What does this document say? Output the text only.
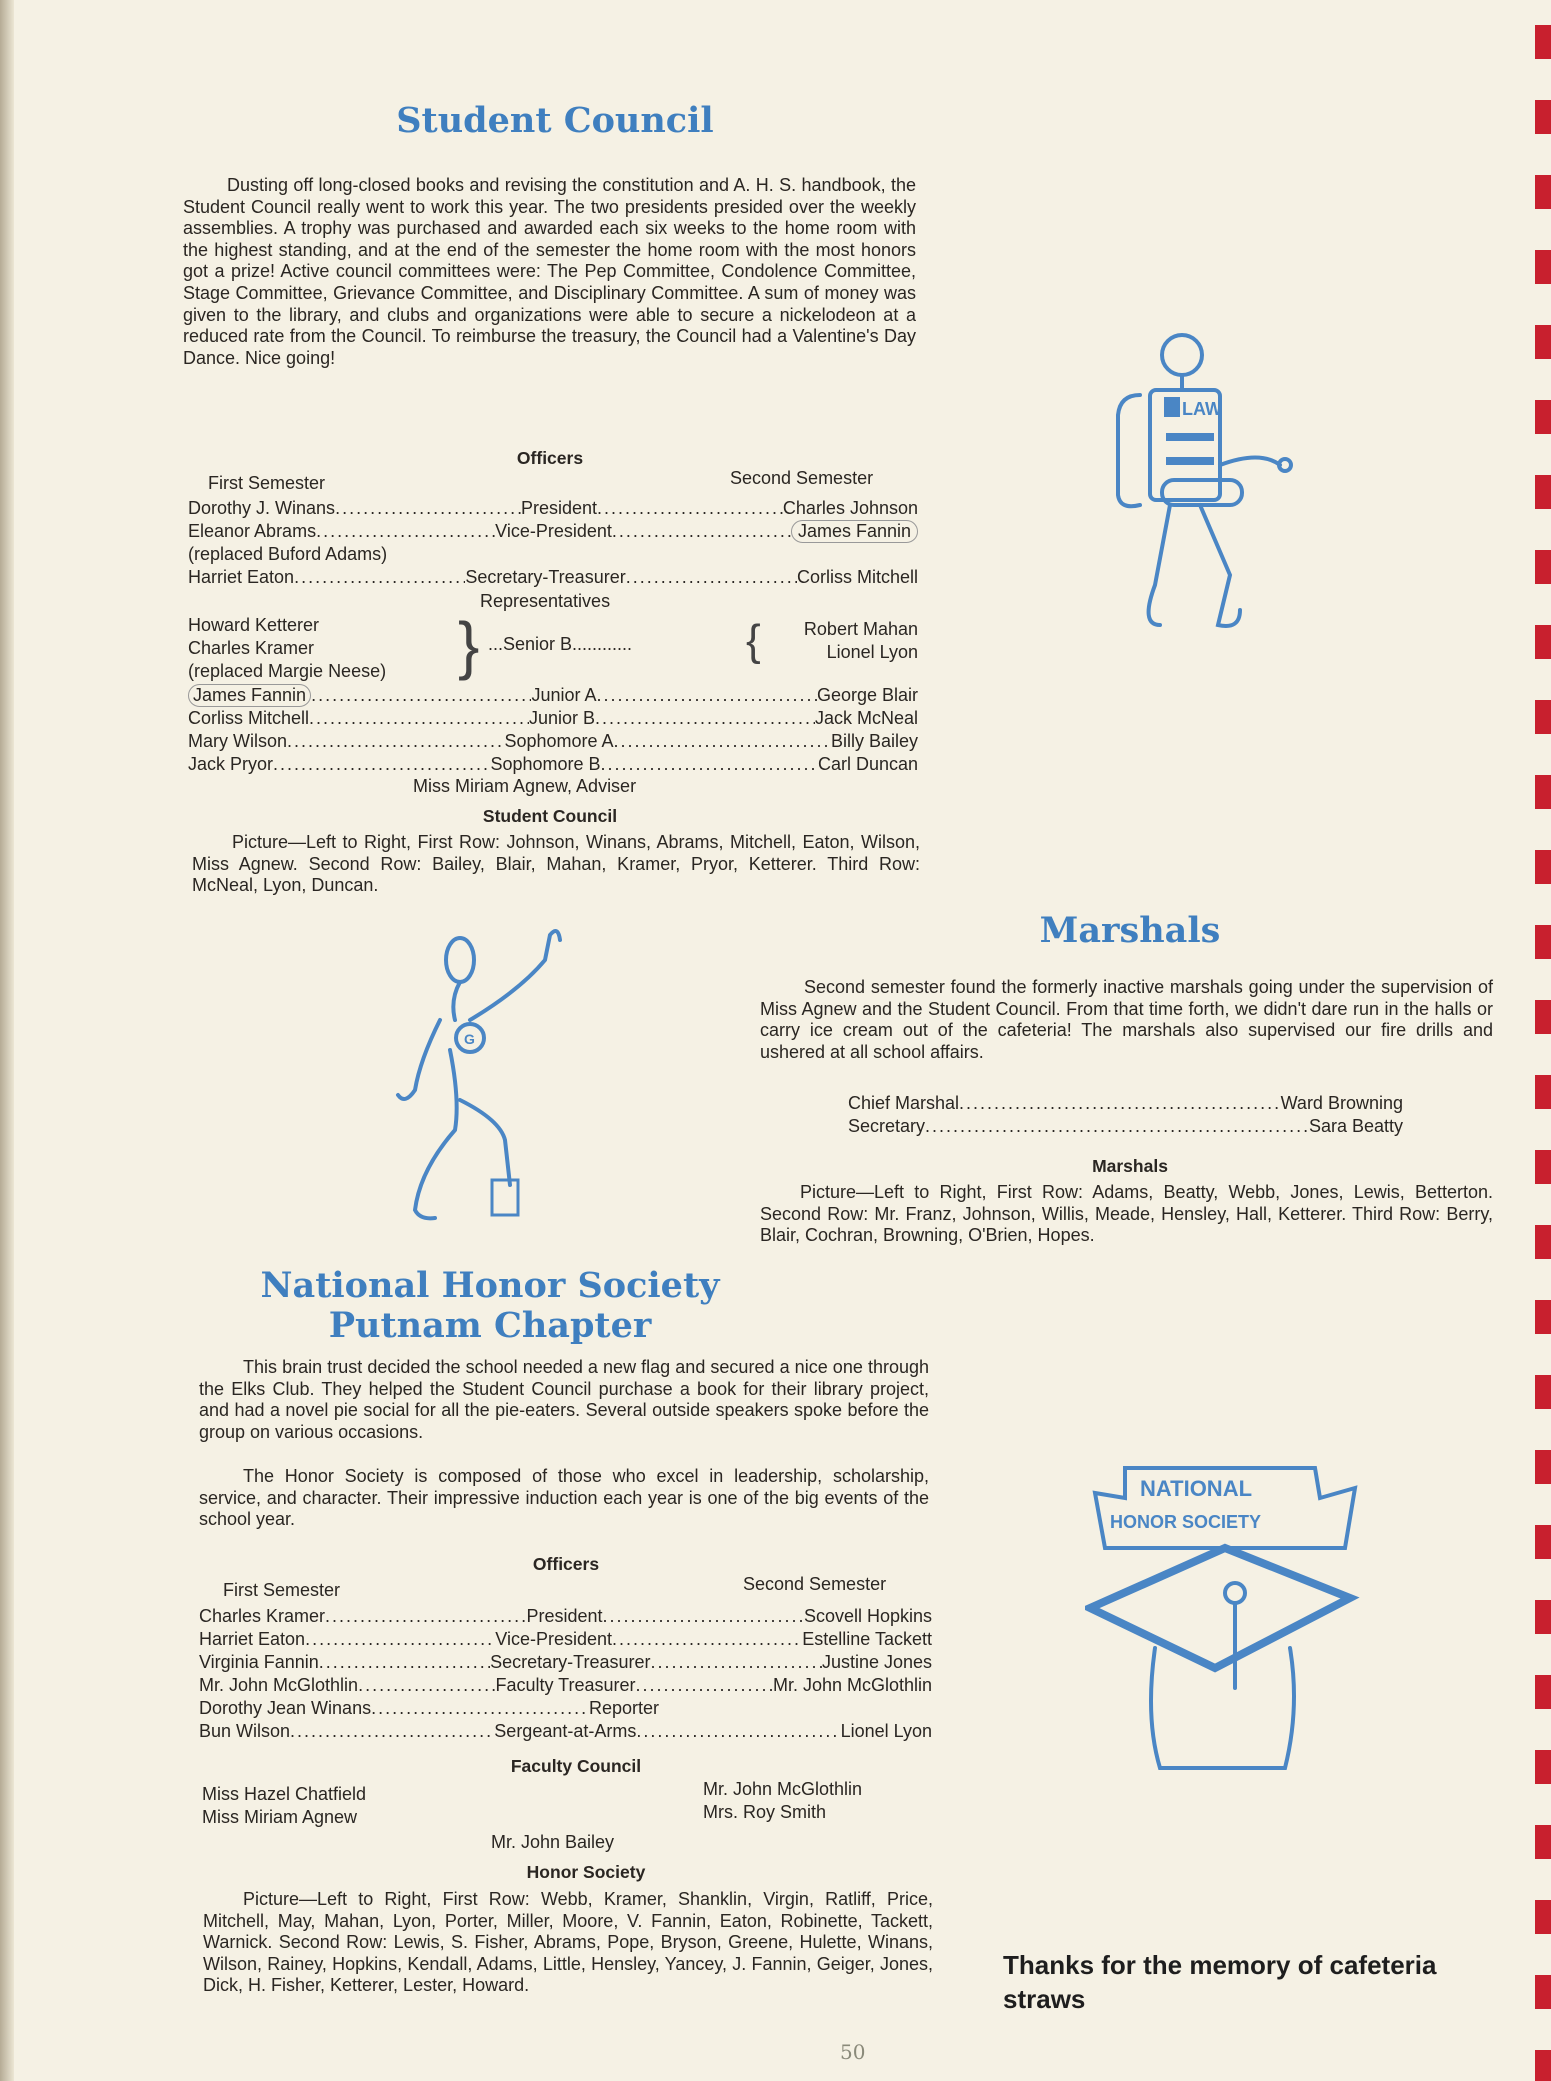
Student Council
Dusting off long-closed books and revising the constitution and A. H. S. handbook, the Student Council really went to work this year. The two presidents presided over the weekly assemblies. A trophy was purchased and awarded each six weeks to the home room with the highest standing, and at the end of the semester the home room with the most honors got a prize! Active council committees were: The Pep Committee, Condolence Committee, Stage Committee, Grievance Committee, and Disciplinary Committee. A sum of money was given to the library, and clubs and organizations were able to secure a nickelodeon at a reduced rate from the Council. To reimburse the treasury, the Council had a Valentine's Day Dance. Nice going!
Officers
First Semester	Second Semester
Dorothy J. Winans .....	President .....	Charles Johnson
Eleanor Abrams .....	Vice-President .....	James Fannin
(replaced Buford Adams)
Harriet Eaton .....	Secretary-Treasurer .....	Corliss Mitchell
Representatives
Howard Ketterer
Charles Kramer
(replaced Margie Neese) } ...Senior B............	{	Robert Mahan
Lionel Lyon
James Fannin .....	Junior A .....	George Blair
Corliss Mitchell .....	Junior B .....	Jack McNeal
Mary Wilson .....	Sophomore A .....	Billy Bailey
Jack Pryor .....	Sophomore B .....	Carl Duncan
Miss Miriam Agnew, Adviser
Student Council
Picture—Left to Right, First Row: Johnson, Winans, Abrams, Mitchell, Eaton, Wilson, Miss Agnew. Second Row: Bailey, Blair, Mahan, Kramer, Pryor, Ketterer. Third Row: McNeal, Lyon, Duncan.
Marshals
Second semester found the formerly inactive marshals going under the supervision of Miss Agnew and the Student Council. From that time forth, we didn't dare run in the halls or carry ice cream out of the cafeteria! The marshals also supervised our fire drills and ushered at all school affairs.
Chief Marshal .....	Ward Browning
Secretary .....	Sara Beatty
Marshals
Picture—Left to Right, First Row: Adams, Beatty, Webb, Jones, Lewis, Betterton. Second Row: Mr. Franz, Johnson, Willis, Meade, Hensley, Hall, Ketterer. Third Row: Berry, Blair, Cochran, Browning, O'Brien, Hopes.
National Honor Society
Putnam Chapter
This brain trust decided the school needed a new flag and secured a nice one through the Elks Club. They helped the Student Council purchase a book for their library project, and had a novel pie social for all the pie-eaters. Several outside speakers spoke before the group on various occasions.
The Honor Society is composed of those who excel in leadership, scholarship, service, and character. Their impressive induction each year is one of the big events of the school year.
Officers
First Semester	Second Semester
Charles Kramer .....	President .....	Scovell Hopkins
Harriet Eaton .....	Vice-President .....	Estelline Tackett
Virginia Fannin .....	Secretary-Treasurer .....	Justine Jones
Mr. John McGlothlin .....	Faculty Treasurer .....	Mr. John McGlothlin
Dorothy Jean Winans .....	Reporter
Bun Wilson .....	Sergeant-at-Arms .....	Lionel Lyon
Faculty Council
Miss Hazel Chatfield
Miss Miriam Agnew
Mr. John McGlothlin
Mrs. Roy Smith
Mr. John Bailey
Honor Society
Picture—Left to Right, First Row: Webb, Kramer, Shanklin, Virgin, Ratliff, Price, Mitchell, May, Mahan, Lyon, Porter, Miller, Moore, V. Fannin, Eaton, Robinette, Tackett, Warnick. Second Row: Lewis, S. Fisher, Abrams, Pope, Bryson, Greene, Hulette, Winans, Wilson, Rainey, Hopkins, Kendall, Adams, Little, Hensley, Yancey, J. Fannin, Geiger, Jones, Dick, H. Fisher, Ketterer, Lester, Howard.
50
Thanks for the memory of cafeteria straws
LAW
G
NATIONAL
HONOR SOCIETY
